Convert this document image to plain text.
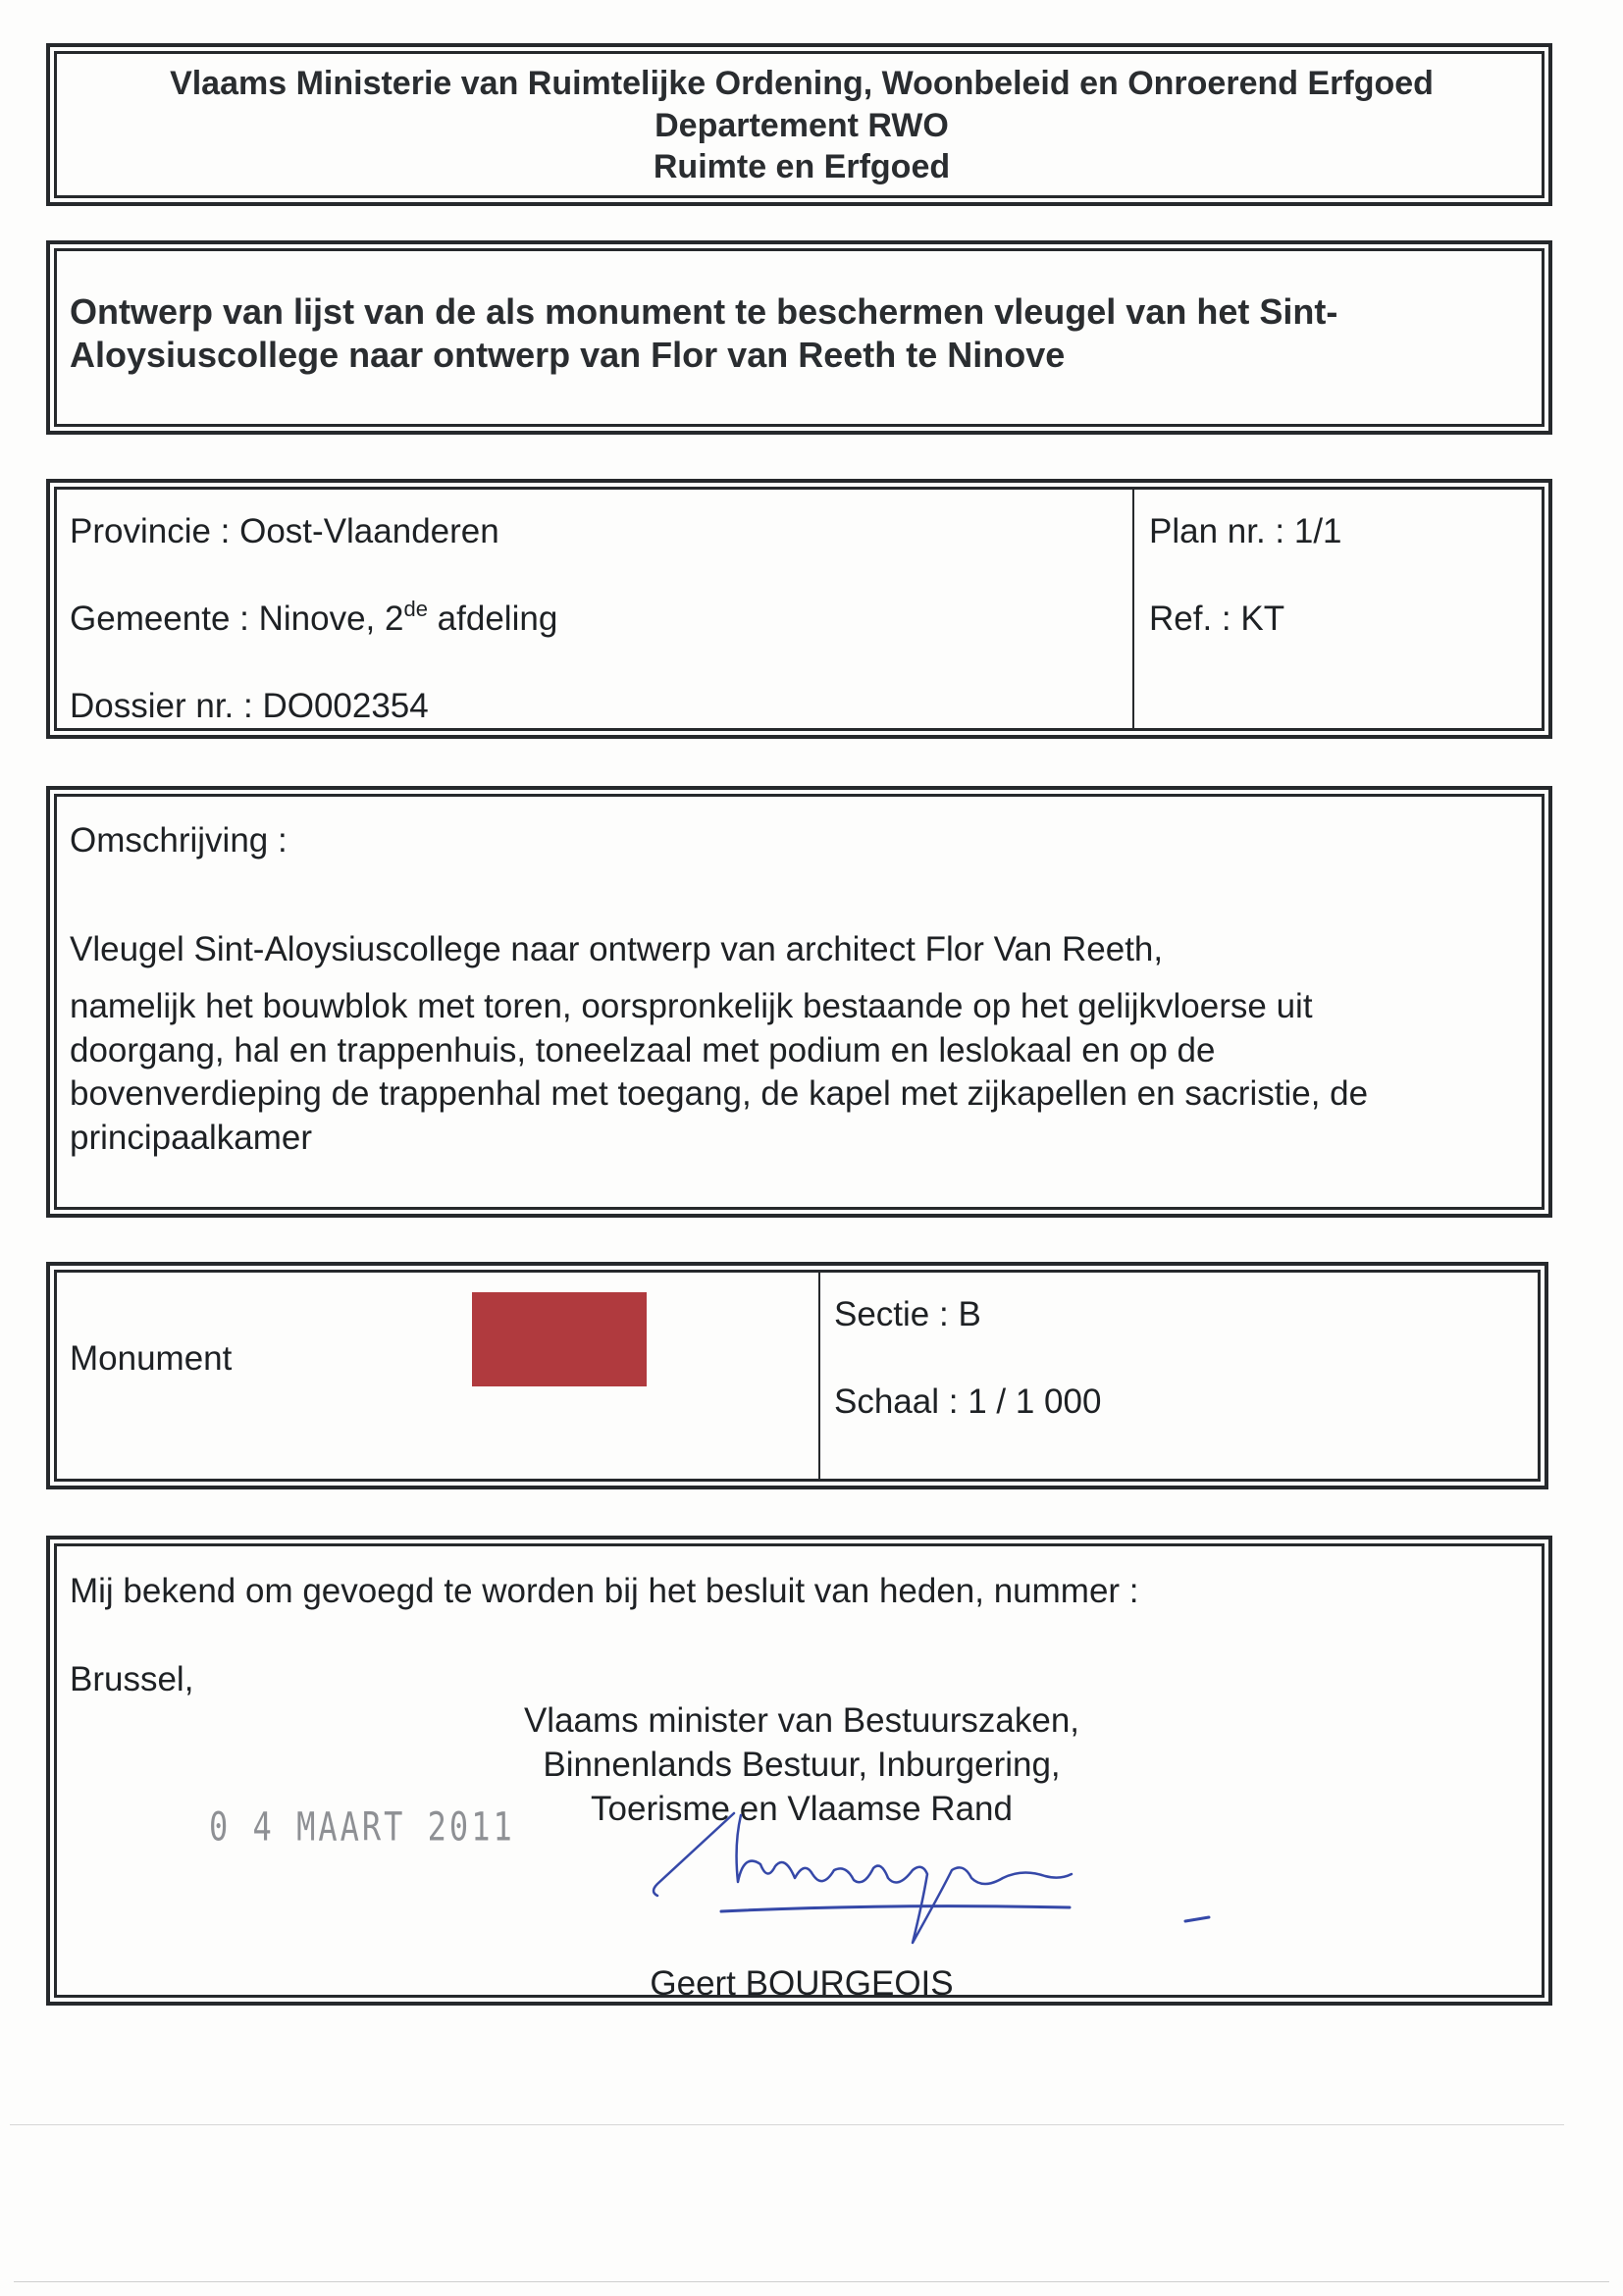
Vlaams Ministerie van Ruimtelijke Ordening, Woonbeleid en Onroerend Erfgoed
Departement RWO
Ruimte en Erfgoed
Ontwerp van lijst van de als monument te beschermen vleugel van het Sint-
Aloysiuscollege naar ontwerp van Flor van Reeth te Ninove
Provincie : Oost-Vlaanderen
Gemeente : Ninove, 2de afdeling
Dossier nr. : DO002354
Plan nr. : 1/1
Ref. : KT
Omschrijving :
Vleugel Sint-Aloysiuscollege naar ontwerp van architect Flor Van Reeth,
namelijk het bouwblok met toren, oorspronkelijk bestaande op het gelijkvloerse uit
doorgang, hal en trappenhuis, toneelzaal met podium en leslokaal en op de
bovenverdieping de trappenhal met toegang, de kapel met zijkapellen en sacristie, de
principaalkamer
Monument
Sectie : B
Schaal : 1 / 1 000
Mij bekend om gevoegd te worden bij het besluit van heden, nummer :
Brussel,
Vlaams minister van Bestuurszaken,
Binnenlands Bestuur, Inburgering,
Toerisme en Vlaamse Rand
0 4 MAART 2011
Geert BOURGEOIS
